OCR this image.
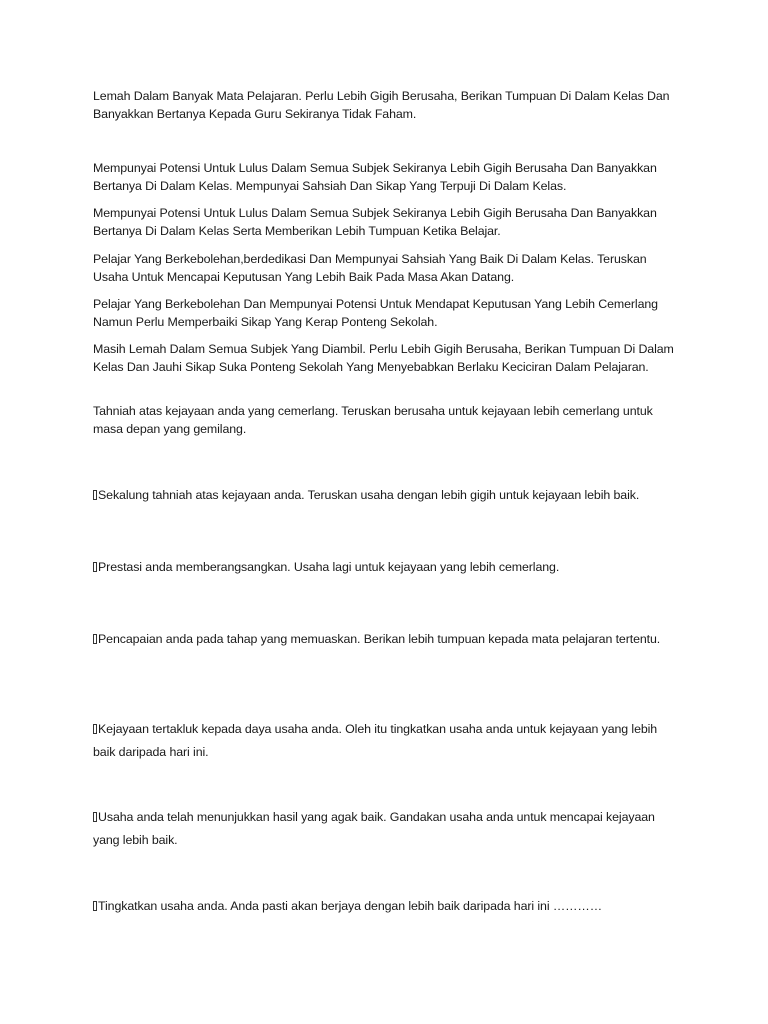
Lemah Dalam Banyak Mata Pelajaran. Perlu Lebih Gigih Berusaha, Berikan Tumpuan Di Dalam Kelas Dan Banyakkan Bertanya Kepada Guru Sekiranya Tidak Faham.

Mempunyai Potensi Untuk Lulus Dalam Semua Subjek Sekiranya Lebih Gigih Berusaha Dan Banyakkan Bertanya Di Dalam Kelas. Mempunyai Sahsiah Dan Sikap Yang Terpuji Di Dalam Kelas.

Mempunyai Potensi Untuk Lulus Dalam Semua Subjek Sekiranya Lebih Gigih Berusaha Dan Banyakkan Bertanya Di Dalam Kelas Serta Memberikan Lebih Tumpuan Ketika Belajar.

Pelajar Yang Berkebolehan,berdedikasi Dan Mempunyai Sahsiah Yang Baik Di Dalam Kelas. Teruskan Usaha Untuk Mencapai Keputusan Yang Lebih Baik Pada Masa Akan Datang.

Pelajar Yang Berkebolehan Dan Mempunyai Potensi Untuk Mendapat Keputusan Yang Lebih Cemerlang Namun Perlu Memperbaiki Sikap Yang Kerap Ponteng Sekolah.

Masih Lemah Dalam Semua Subjek Yang Diambil. Perlu Lebih Gigih Berusaha, Berikan Tumpuan Di Dalam Kelas Dan Jauhi Sikap Suka Ponteng Sekolah Yang Menyebabkan Berlaku Keciciran Dalam Pelajaran.

Tahniah atas kejayaan anda yang cemerlang. Teruskan berusaha untuk kejayaan lebih cemerlang untuk masa depan yang gemilang.

Sekalung tahniah atas kejayaan anda. Teruskan usaha dengan lebih gigih untuk kejayaan lebih baik.

Prestasi anda memberangsangkan. Usaha lagi untuk kejayaan yang lebih cemerlang.

Pencapaian anda pada tahap yang memuaskan. Berikan lebih tumpuan kepada mata pelajaran tertentu.

Kejayaan tertakluk kepada daya usaha anda. Oleh itu tingkatkan usaha anda untuk kejayaan yang lebih baik daripada hari ini.

Usaha anda telah menunjukkan hasil yang agak baik. Gandakan usaha anda untuk mencapai kejayaan yang lebih baik.

Tingkatkan usaha anda. Anda pasti akan berjaya dengan lebih baik daripada hari ini …………
